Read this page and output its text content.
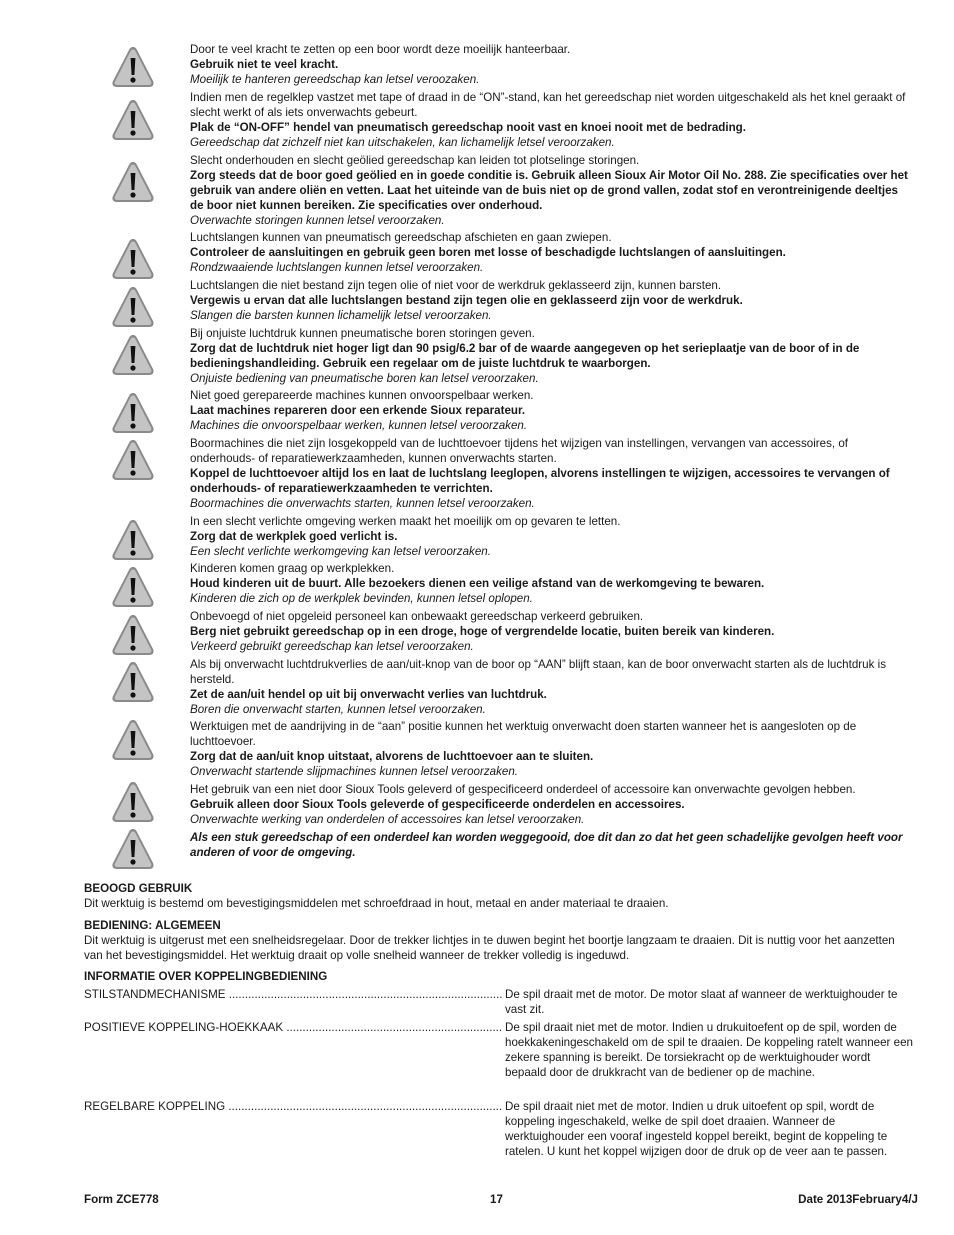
Door te veel kracht te zetten op een boor wordt deze moeilijk hanteerbaar.

Gebruik niet te veel kracht.

Moeilijk te hanteren gereedschap kan letsel veroozaken.

Indien men de regelklep vastzet met tape of draad in de “ON”-stand, kan het gereedschap niet worden uitgeschakeld als het knel geraakt of slecht werkt of als iets onverwachts gebeurt.

Plak de “ON-OFF” hendel van pneumatisch gereedschap nooit vast en knoei nooit met de bedrading.

Gereedschap dat zichzelf niet kan uitschakelen, kan lichamelijk letsel veroorzaken.

Slecht onderhouden en slecht geölied gereedschap kan leiden tot plotselinge storingen.

Zorg steeds dat de boor goed geölied en in goede conditie is. Gebruik alleen Sioux Air Motor Oil No. 288. Zie specificaties over het gebruik van andere oliën en vetten. Laat het uiteinde van de buis niet op de grond vallen, zodat stof en verontreinigende deeltjes de boor niet kunnen bereiken. Zie specificaties over onderhoud.

Overwachte storingen kunnen letsel veroorzaken.

Luchtslangen kunnen van pneumatisch gereedschap afschieten en gaan zwiepen.

Controleer de aansluitingen en gebruik geen boren met losse of beschadigde luchtslangen of aansluitingen.

Rondzwaaiende luchtslangen kunnen letsel veroorzaken.

Luchtslangen die niet bestand zijn tegen olie of niet voor de werkdruk geklasseerd zijn, kunnen barsten.

Vergewis u ervan dat alle luchtslangen bestand zijn tegen olie en geklasseerd zijn voor de werkdruk.

Slangen die barsten kunnen lichamelijk letsel veroorzaken.

Bij onjuiste luchtdruk kunnen pneumatische boren storingen geven.

Zorg dat de luchtdruk niet hoger ligt dan 90 psig/6.2 bar of de waarde aangegeven op het serieplaatje van de boor of in de bedieningshandleiding. Gebruik een regelaar om de juiste luchtdruk te waarborgen.

Onjuiste bediening van pneumatische boren kan letsel veroorzaken.

Niet goed gerepareerde machines kunnen onvoorspelbaar werken.

Laat machines repareren door een erkende Sioux reparateur.

Machines die onvoorspelbaar werken, kunnen letsel veroorzaken.

Boormachines die niet zijn losgekoppeld van de luchttoevoer tijdens het wijzigen van instellingen, vervangen van accessoires, of onderhouds- of reparatiewerkzaamheden, kunnen onverwachts starten.

Koppel de luchttoevoer altijd los en laat de luchtslang leeglopen, alvorens instellingen te wijzigen, accessoires te vervangen of onderhouds- of reparatiewerkzaamheden te verrichten.

Boormachines die onverwachts starten, kunnen letsel veroorzaken.

In een slecht verlichte omgeving werken maakt het moeilijk om op gevaren te letten.

Zorg dat de werkplek goed verlicht is.

Een slecht verlichte werkomgeving kan letsel veroorzaken.

Kinderen komen graag op werkplekken.

Houd kinderen uit de buurt. Alle bezoekers dienen een veilige afstand van de werkomgeving te bewaren.

Kinderen die zich op de werkplek bevinden, kunnen letsel oplopen.

Onbevoegd of niet opgeleid personeel kan onbewaakt gereedschap verkeerd gebruiken.

Berg niet gebruikt gereedschap op in een droge, hoge of vergrendelde locatie, buiten bereik van kinderen.

Verkeerd gebruikt gereedschap kan letsel veroorzaken.

Als bij onverwacht luchtdrukverlies de aan/uit-knop van de boor op “AAN” blijft staan, kan de boor onverwacht starten als de luchtdruk is hersteld.

Zet de aan/uit hendel op uit bij onverwacht verlies van luchtdruk.

Boren die onverwacht starten, kunnen letsel veroorzaken.

Werktuigen met de aandrijving in de “aan” positie kunnen het werktuig onverwacht doen starten wanneer het is aangesloten op de luchttoevoer.

Zorg dat de aan/uit knop uitstaat, alvorens de luchttoevoer aan te sluiten.

Onverwacht startende slijpmachines kunnen letsel veroorzaken.

Het gebruik van een niet door Sioux Tools geleverd of gespecificeerd onderdeel of accessoire kan onverwachte gevolgen hebben.

Gebruik alleen door Sioux Tools geleverde of gespecificeerde onderdelen en accessoires.

Onverwachte werking van onderdelen of accessoires kan letsel veroorzaken.

Als een stuk gereedschap of een onderdeel kan worden weggegooid, doe dit dan zo dat het geen schadelijke gevolgen heeft voor anderen of voor de omgeving.

BEOOGD GEBRUIK

Dit werktuig is bestemd om bevestigingsmiddelen met schroefdraad in hout, metaal en ander materiaal te draaien.

BEDIENING: ALGEMEEN

Dit werktuig is uitgerust met een snelheidsregelaar. Door de trekker lichtjes in te duwen begint het boortje langzaam te draaien. Dit is nuttig voor het aanzetten van het bevestigingsmiddel. Het werktuig draait op volle snelheid wanneer de trekker volledig is ingeduwd.

INFORMATIE OVER KOPPELINGBEDIENING

STILSTANDMECHANISME .....	De spil draait met de motor. De motor slaat af wanneer de werktuighouder te vast zit.
POSITIEVE KOPPELING-HOEKKAAK .....	De spil draait niet met de motor. Indien u drukuitoefent op de spil, worden de hoekkakeningeschakeld om de spil te draaien. De koppeling ratelt wanneer een zekere spanning is bereikt. De torsiekracht op de werktuighouder wordt bepaald door de drukkracht van de bediener op de machine.
REGELBARE KOPPELING .....	De spil draait niet met de motor. Indien u druk uitoefent op spil, wordt de koppeling ingeschakeld, welke de spil doet draaien. Wanneer de werktuighouder een vooraf ingesteld koppel bereikt, begint de koppeling te ratelen. U kunt het koppel wijzigen door de druk op de veer aan te passen.
Form ZCE778	17	Date 2013February4/J
